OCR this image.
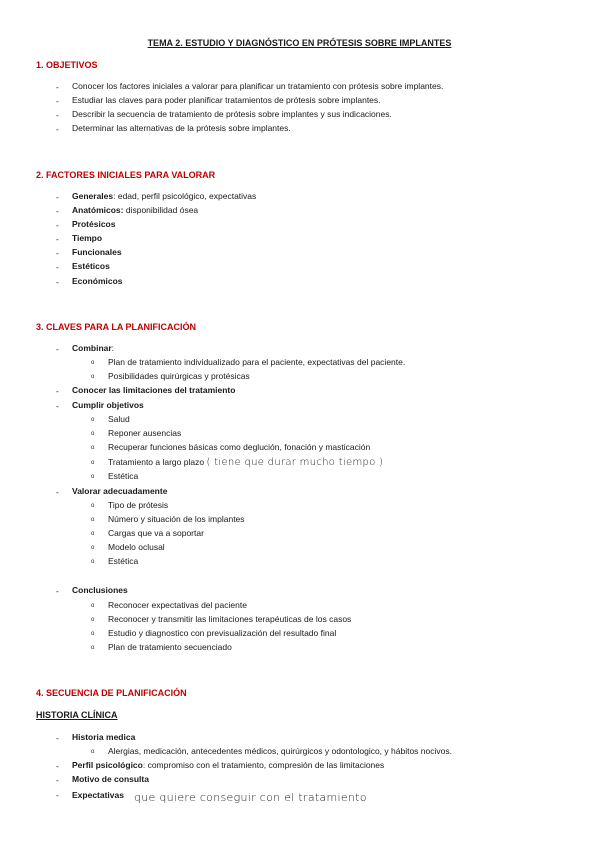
TEMA 2. ESTUDIO Y DIAGNÓSTICO EN PRÓTESIS SOBRE IMPLANTES
1. OBJETIVOS
- Conocer los factores iniciales a valorar para planificar un tratamiento con prótesis sobre implantes.
- Estudiar las claves para poder planificar tratamientos de prótesis sobre implantes.
- Describir la secuencia de tratamiento de prótesis sobre implantes y sus indicaciones.
- Determinar las alternativas de la prótesis sobre implantes.
2. FACTORES INICIALES PARA VALORAR
- Generales: edad, perfil psicológico, expectativas
- Anatómicos: disponibilidad ósea
- Protésicos
- Tiempo
- Funcionales
- Estéticos
- Económicos
3. CLAVES PARA LA PLANIFICACIÓN
- Combinar:
o Plan de tratamiento individualizado para el paciente, expectativas del paciente.
o Posibilidades quirúrgicas y protésicas
- Conocer las limitaciones del tratamiento
- Cumplir objetivos
o Salud
o Reponer ausencias
o Recuperar funciones básicas como deglución, fonación y masticación
o Tratamiento a largo plazo ( tiene que durar mucho tiempo )
o Estética
- Valorar adecuadamente
o Tipo de prótesis
o Número y situación de los implantes
o Cargas que va a soportar
o Modelo oclusal
o Estética
- Conclusiones
o Reconocer expectativas del paciente
o Reconocer y transmitir las limitaciones terapéuticas de los casos
o Estudio y diagnostico con previsualización del resultado final
o Plan de tratamiento secuenciado
4. SECUENCIA DE PLANIFICACIÓN
HISTORIA CLÍNICA
- Historia medica
o Alergias, medicación, antecedentes médicos, quirúrgicos y odontologico, y hábitos nocivos.
- Perfil psicológico: compromiso con el tratamiento, compresión de las limitaciones
- Motivo de consulta
- Expectativas que quiere conseguir con el tratamiento
